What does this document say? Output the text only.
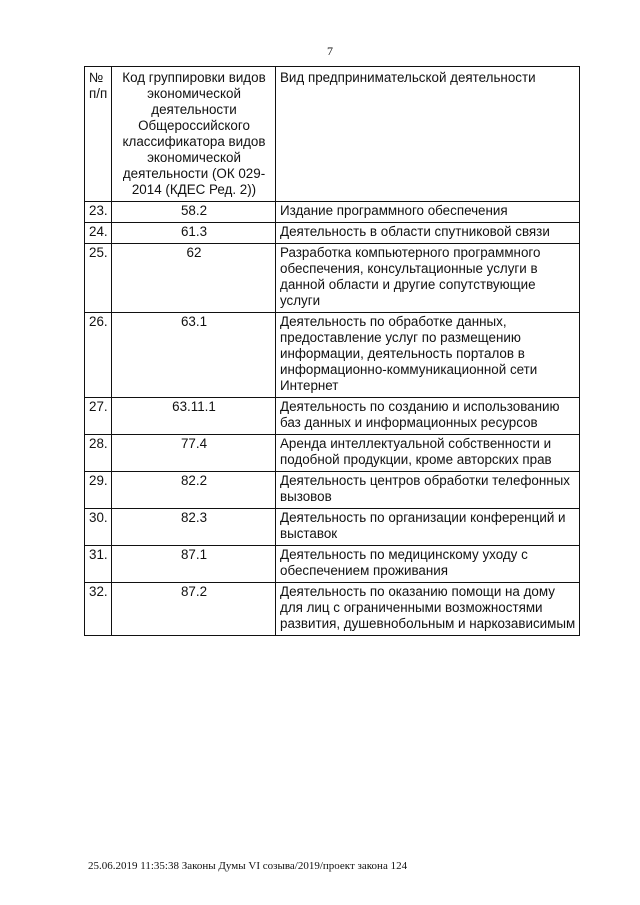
7
№ п/п	Код группировки видов экономической деятельности Общероссийского классификатора видов экономической деятельности (ОК 029-2014 (КДЕС Ред. 2))	Вид предпринимательской деятельности
23.	58.2	Издание программного обеспечения
24.	61.3	Деятельность в области спутниковой связи
25.	62	Разработка компьютерного программного обеспечения, консультационные услуги в данной области и другие сопутствующие услуги
26.	63.1	Деятельность по обработке данных, предоставление услуг по размещению информации, деятельность порталов в информационно-коммуникационной сети Интернет
27.	63.11.1	Деятельность по созданию и использованию баз данных и информационных ресурсов
28.	77.4	Аренда интеллектуальной собственности и подобной продукции, кроме авторских прав
29.	82.2	Деятельность центров обработки телефонных вызовов
30.	82.3	Деятельность по организации конференций и выставок
31.	87.1	Деятельность по медицинскому уходу с обеспечением проживания
32.	87.2	Деятельность по оказанию помощи на дому для лиц с ограниченными возможностями развития, душевнобольным и наркозависимым
25.06.2019 11:35:38 Законы Думы VI созыва/2019/проект закона 124
